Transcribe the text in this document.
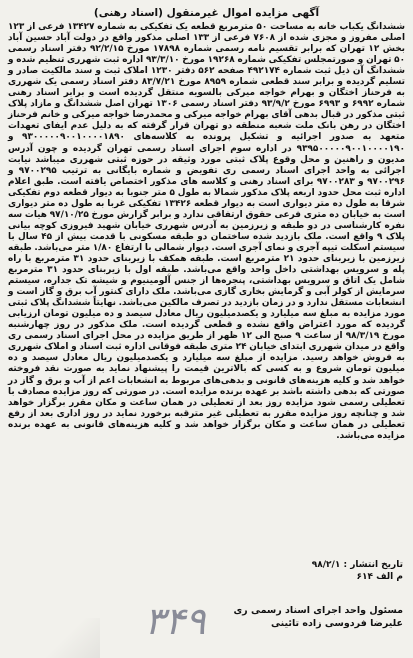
آگهی مزایده اموال غیرمنقول (اسناد رهنی)

ششدانگ یکباب خانه به مساحت ۵۰ مترمربع قطعه یک تفکیکی به شماره ۱۳۴۲۷ فرعی از ۱۲۳ اصلی مفروز و مجزی شده از ۷۶۰۸ فرعی از ۱۳۳ اصلی مذکور واقع در دولت آباد حسین آباد بخش ۱۲ تهران که برابر تقسیم نامه رسمی شماره ۱۷۸۹۸ مورخ ۹۲/۲/۱۵ دفتر اسناد رسمی ۵۰ تهران و صورتمجلس تفکیکی شماره ۱۹۲۶۸ مورخ ۹۳/۳/۱۰ اداره ثبت شهرری تنظیم شده و ششدانگ آن ذیل ثبت شماره ۴۹۲۱۷۴ صفحه ۵۶۲ دفتر ۱۲۳۰ املاک ثبت و سند مالکیت صادر و تسلیم گردیده و برابر سند قطعی شماره ۸۹۵۹ مورخ ۸۳/۷/۲۱ دفتر اسناد رسمی یک شهرری به فرحناز اختگان و بهرام خواجه میرکی بالسویه منتقل گردیده است و برابر اسناد رهنی شماره ۶۹۹۲ و ۶۹۹۳ مورخ ۹۳/۹/۲ دفتر اسناد رسمی ۱۳۰۶ تهران اصل ششدانگ و مازاد پلاک ثبتی مذکور در قبال بدهی آقای بهرام خواجه میرکی و محمدرضا خواجه میرکی و خانم فرحناز اختگان در رهن بانک ملت شعبه منطقه دو تهران قرار گرفته که به دلیل عدم ایفای تعهدات متعهد به صدور اجرائیه و تشکیل پرونده به کلاسه‌های ۹۳۰۰۰۰۰۹۰۰۱۰۰۰۰۱۸۹۰ و ۹۳۹۵۰۰۰۰۰۹۰۰۱۰۰۰۰۱۹۰ در اداره سوم اجرای اسناد رسمی تهران گردیده و چون آدرس مدیون و راهنین و محل وقوع پلاک ثبتی مورد وثیقه در حوزه ثبتی شهرری میباشد نیابت اجرائی به واحد اجرای اسناد رسمی ری تفویض و شماره بایگانی به ترتیب ۹۷۰۰۲۹۵ و ۹۷۰۰۲۹۶ و ۹۷۰۰۲۸۳ برای اسناد رهنی و کلاسه های مذکور اختصاص یافته است. طبق اعلام اداره ثبت محل حدود اربعه پلاک مذکور شمالا به طول ۵ متر جنوبا به دیوار قطعه دوم تفکیکی شرقا به طول ده متر دیواری است به دیوار قطعه ۱۳۴۲۶ تفکیکی غربا به طول ده متر دیواری است به خیابان ده متری فرعی حقوق ارتفاقی ندارد و برابر گزارش مورخ ۹۷/۱۰/۲۵ هیات سه نفره کارشناسی در دو طبقه و زیرزمین به آدرس شهرری خیابان شهید فیروزی کوچه بیانی پلاک ۹ واقع است. ملک بازدید شده ساختمان دو طبقه مسکونی با قدمت بیش از ۴۵ سال با سیستم اسکلت تیپه آجری و نمای آجری است. دیوار شمالی با ارتفاع ۱/۸۰ متر می‌باشد. طبقه زیرزمین با زیربنای حدود ۲۱ مترمربع است. طبقه همکف با زیربنای حدود ۳۱ مترمربع با راه پله و سرویس بهداشتی داخل واحد واقع می‌باشد. طبقه اول با زیربنای حدود ۳۱ مترمربع شامل یک اتاق و سرویس بهداشتی، پنجره‌ها از جنس آلومینیوم و شیشه تک جداره، سیستم سرمایش از کولر آبی و گرمایش بخاری گازی می‌باشد. ملک دارای کنتور آب برق و گاز است و انشعابات مستقل ندارد و در زمان بازدید در تصرف مالکین می‌باشد. نهایتاً ششدانگ پلاک ثبتی مورد مزایده به مبلغ سه میلیارد و یکصدمیلیون ریال معادل سیصد و ده میلیون تومان ارزیابی گردیده که مورد اعتراض واقع نشده و قطعی گردیده است. ملک مذکور در روز چهارشنبه مورخ ۹۸/۳/۱۹ از ساعت ۹ صبح الی ۱۲ ظهر از طریق مزایده در محل اجرای اسناد رسمی ری واقع در میدان شهرری ابتدای خیابان ۲۴ متری طبقه فوقانی اداره ثبت اسناد و املاک شهرری به فروش خواهد رسید. مزایده از مبلغ سه میلیارد و یکصدمیلیون ریال معادل سیصد و ده میلیون تومان شروع و به کسی که بالاترین قیمت را پیشنهاد نماید به صورت نقد فروخته خواهد شد و کلیه هزینه‌های قانونی و بدهی‌های مربوط به انشعابات اعم از آب و برق و گاز در صورتی که بدهی داشته باشد بر عهده برنده مزایده است. در صورتی که روز مزایده مصادف با تعطیلی رسمی شود مزایده روز بعد از تعطیلی در همان ساعت و مکان مقرر برگزار خواهد شد و چنانچه روز مزایده مقرر به تعطیلی غیر مترقبه برخورد نماید در روز اداری بعد از رفع تعطیلی در همان ساعت و مکان برگزار خواهد شد و کلیه هزینه‌های قانونی به عهده برنده مزایده می‌باشد.

تاریخ انتشار : ۹۸/۲/۱
م الف ۶۱۴
مسئول واحد اجرای اسناد رسمی ری
علیرضا فردوسی زاده تائینی
۳۴۹
